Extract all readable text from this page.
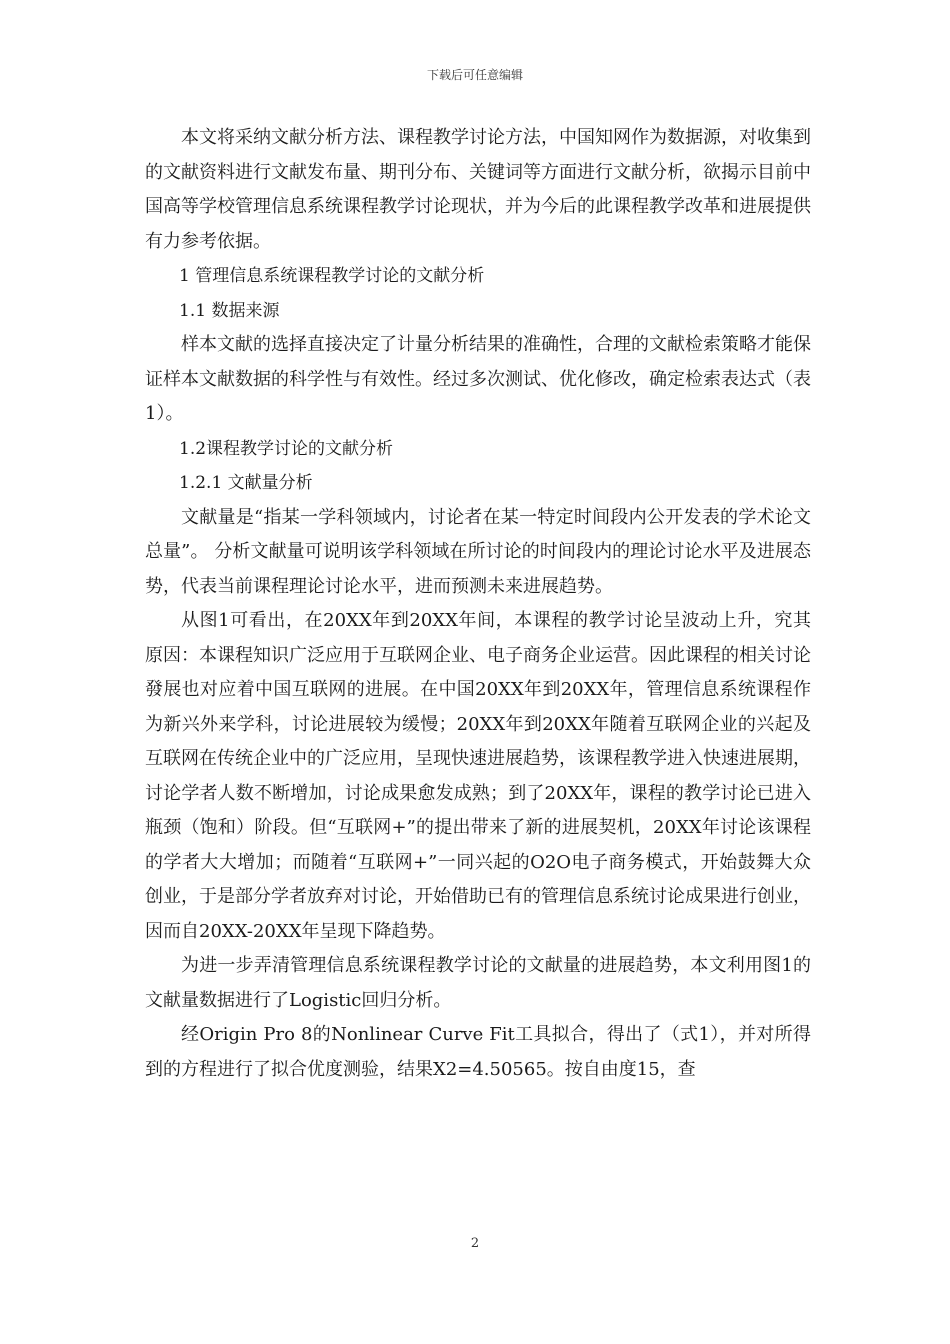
下载后可任意编辑

本文将采纳文献分析方法、课程教学讨论方法，中国知网作为数据源，对收集到的文献资料进行文献发布量、期刊分布、关键词等方面进行文献分析，欲揭示目前中国高等学校管理信息系统课程教学讨论现状，并为今后的此课程教学改革和进展提供有力参考依据。

1 管理信息系统课程教学讨论的文献分析

1.1 数据来源

样本文献的选择直接决定了计量分析结果的准确性，合理的文献检索策略才能保证样本文献数据的科学性与有效性。经过多次测试、优化修改，确定检索表达式（表1）。

1.2课程教学讨论的文献分析

1.2.1 文献量分析

文献量是“指某一学科领域内，讨论者在某一特定时间段内公开发表的学术论文总量”。 分析文献量可说明该学科领域在所讨论的时间段内的理论讨论水平及进展态势，代表当前课程理论讨论水平，进而预测未来进展趋势。

从图1可看出，在20XX年到20XX年间，本课程的教学讨论呈波动上升，究其原因：本课程知识广泛应用于互联网企业、电子商务企业运营。因此课程的相关讨论發展也对应着中国互联网的进展。在中国20XX年到20XX年，管理信息系统课程作为新兴外来学科，讨论进展较为缓慢；20XX年到20XX年随着互联网企业的兴起及互联网在传统企业中的广泛应用，呈现快速进展趋势，该课程教学进入快速进展期，讨论学者人数不断增加，讨论成果愈发成熟；到了20XX年，课程的教学讨论已进入瓶颈（饱和）阶段。但“互联网+”的提出带来了新的进展契机，20XX年讨论该课程的学者大大增加；而随着“互联网+”一同兴起的O2O电子商务模式，开始鼓舞大众创业，于是部分学者放弃对讨论，开始借助已有的管理信息系统讨论成果进行创业，因而自20XX-20XX年呈现下降趋势。

为进一步弄清管理信息系统课程教学讨论的文献量的进展趋势，本文利用图1的文献量数据进行了Logistic回归分析。

经Origin Pro 8的Nonlinear Curve Fit工具拟合，得出了（式1），并对所得到的方程进行了拟合优度测验，结果X2=4.50565。按自由度15，查

2
